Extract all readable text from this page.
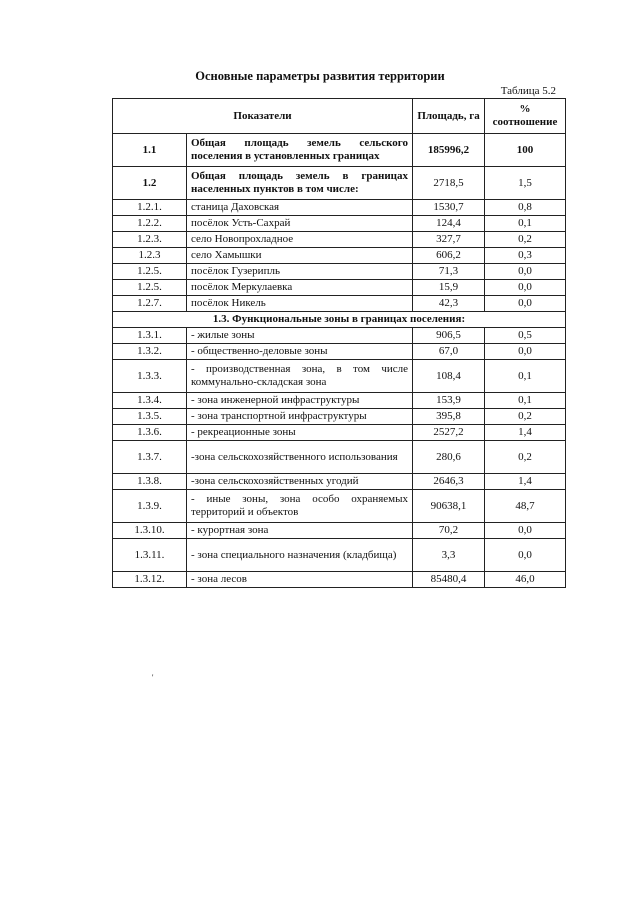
Основные параметры развития территории
Таблица 5.2
Показатели		Площадь, га	% соотношение
1.1	Общая площадь земель сельского поселения в установленных границах	185996,2	100
1.2	Общая площадь земель в границах населенных пунктов в том числе:	2718,5	1,5
1.2.1.	станица Даховская	1530,7	0,8
1.2.2.	посёлок Усть-Сахрай	124,4	0,1
1.2.3.	село Новопрохладное	327,7	0,2
1.2.3	село Хамышки	606,2	0,3
1.2.5.	посёлок Гузерипль	71,3	0,0
1.2.5.	посёлок Меркулаевка	15,9	0,0
1.2.7.	посёлок Никель	42,3	0,0
1.3. Функциональные зоны в границах поселения:			
1.3.1.	- жилые зоны	906,5	0,5
1.3.2.	- общественно-деловые зоны	67,0	0,0
1.3.3.	- производственная зона, в том числе коммунально-складская зона	108,4	0,1
1.3.4.	- зона инженерной инфраструктуры	153,9	0,1
1.3.5.	- зона транспортной инфраструктуры	395,8	0,2
1.3.6.	- рекреационные зоны	2527,2	1,4
1.3.7.	-зона сельскохозяйственного использования	280,6	0,2
1.3.8.	-зона сельскохозяйственных угодий	2646,3	1,4
1.3.9.	- иные зоны, зона особо охраняемых территорий и объектов	90638,1	48,7
1.3.10.	- курортная зона	70,2	0,0
1.3.11.	- зона специального назначения (кладбища)	3,3	0,0
1.3.12.	- зона лесов	85480,4	46,0
'
